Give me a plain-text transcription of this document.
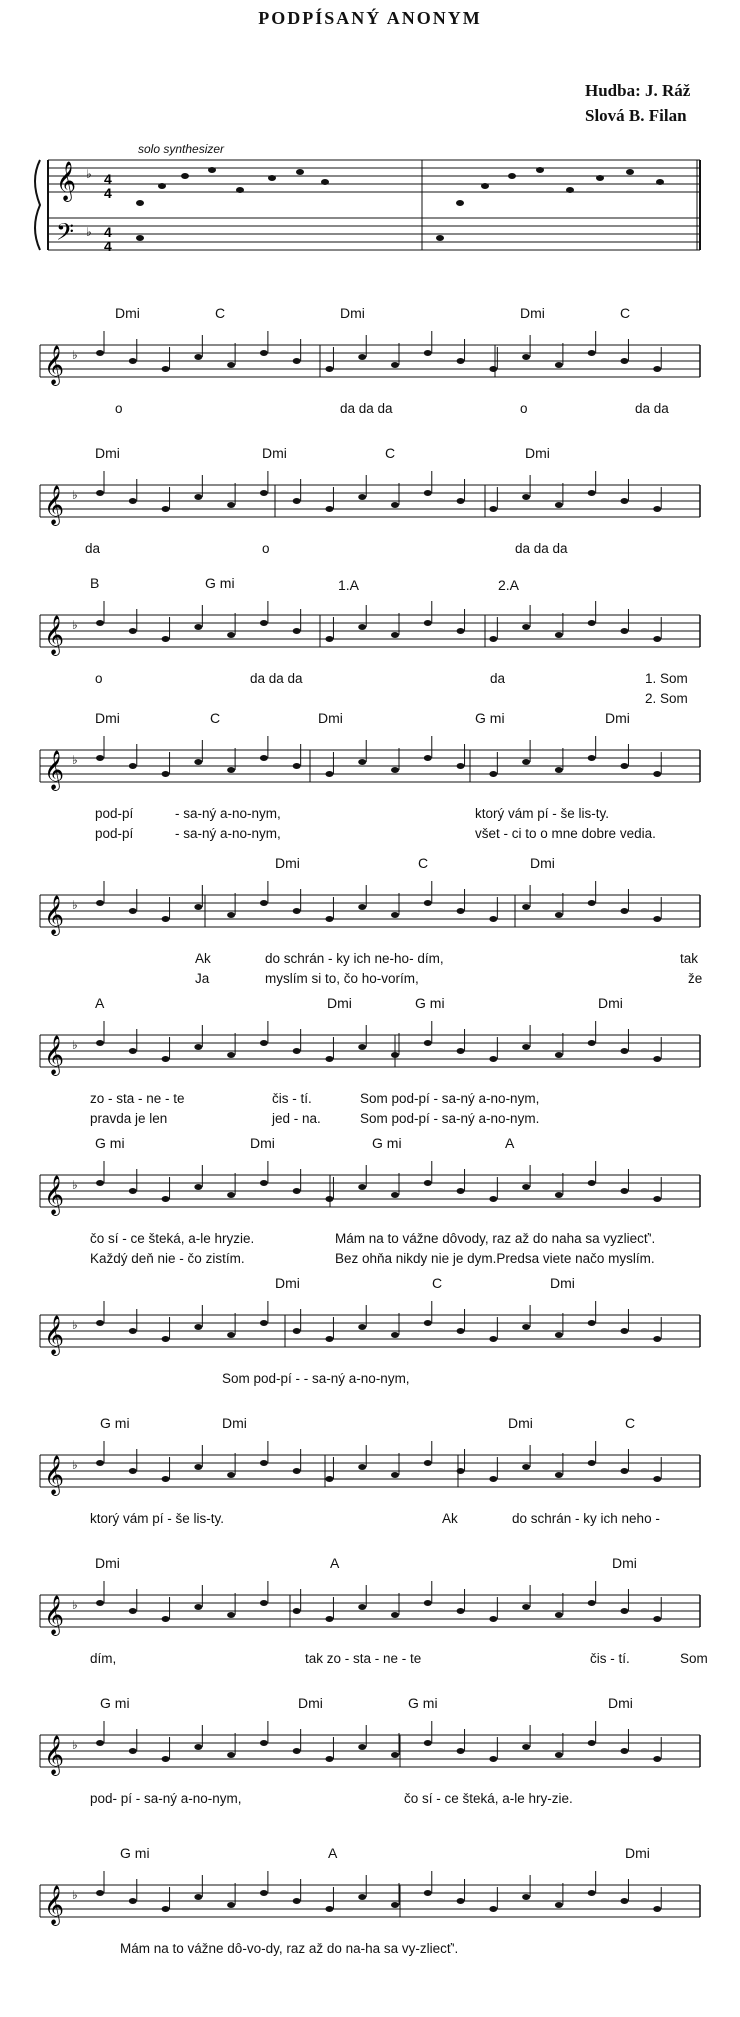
PODPÍSANÝ ANONYM
Hudba: J. Ráž
Slová B. Filan
solo synthesizer
𝄞
𝄢
♭
♭
4
4
4
4
Dmi	C	Dmi	Dmi	C
𝄞 ♭
o	da da da	o	da da
Dmi	Dmi	C	Dmi
𝄞 ♭
da	o	da da da
B	G mi	1.A	2.A
𝄞 ♭
o	da da da	da	1. Som
2. Som
Dmi	C	Dmi	G mi	Dmi
𝄞 ♭
pod-pí	- sa-ný a-no-nym,	ktorý vám pí - še lis-ty.
pod-pí	- sa-ný a-no-nym,	všet - ci to o mne dobre vedia.
Dmi	C	Dmi
𝄞 ♭
Ak	do schrán - ky ich ne-ho- dím,	tak
Ja	myslím si to, čo ho-vorím,	že
A	Dmi	G mi	Dmi
𝄞 ♭
zo - sta - ne - te	čis - tí.	Som pod-pí - sa-ný a-no-nym,
pravda je len	jed - na.	Som pod-pí - sa-ný a-no-nym.
G mi	Dmi	G mi	A
𝄞 ♭
čo sí - ce šteká, a-le hryzie.	Mám na to vážne dôvody, raz až do naha sa vyzliecť'.
Každý deň nie - čo zistím.	Bez ohňa nikdy nie je dym.Predsa viete načo myslím.
Dmi	C	Dmi
𝄞 ♭
Som pod-pí - - sa-ný a-no-nym,
G mi	Dmi	Dmi	C
𝄞 ♭
ktorý vám pí - še lis-ty.	Ak	do schrán - ky ich neho -
Dmi	A	Dmi
𝄞 ♭
dím,	tak zo - sta - ne - te	čis - tí.	Som
G mi	Dmi	G mi	Dmi
𝄞 ♭
pod- pí - sa-ný a-no-nym,	čo sí - ce šteká, a-le hry-zie.
G mi	A	Dmi
𝄞 ♭
Mám na to vážne dô-vo-dy, raz až do na-ha sa vy-zliecť'.
